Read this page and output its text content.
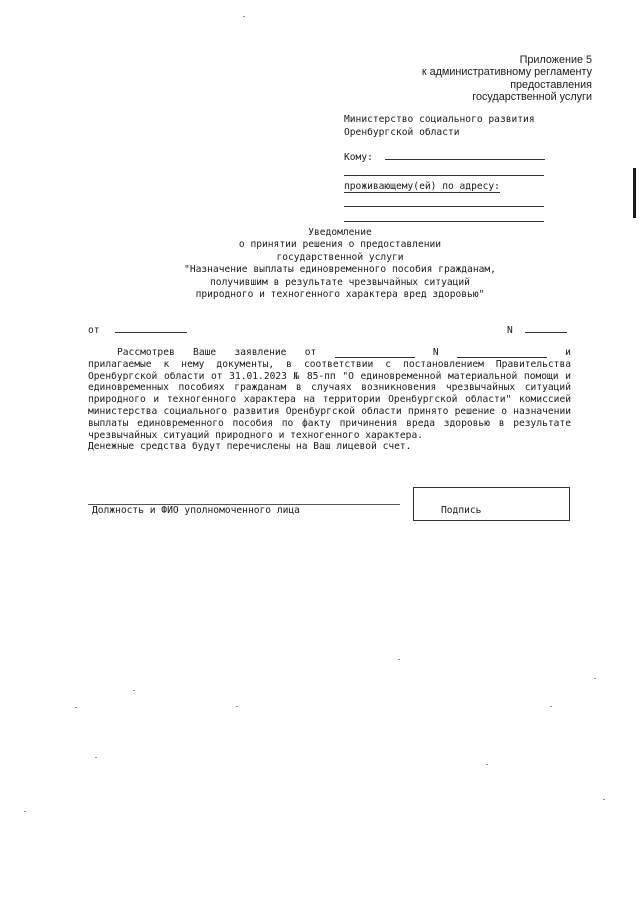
Приложение 5
к административному регламенту
предоставления
государственной услуги
Министерство социального развития
Оренбургской области
Кому:
проживающему(ей) по адресу:
Уведомление
о принятии решения о предоставлении
государственной услуги
"Назначение выплаты единовременного пособия гражданам,
получившим в результате чрезвычайных ситуаций
природного и техногенного характера вред здоровью"
от	N
Рассмотрев Ваше заявление от	N	и

прилагаемые к нему документы, в соответствии с постановлением Правительства Оренбургской области от 31.01.2023 № 85-пп "О единовременной материальной помощи и единовременных пособиях гражданам в случаях возникновения чрезвычайных ситуаций природного и техногенного характера на территории Оренбургской области" комиссией министерства социального развития Оренбургской области принято решение о назначении выплаты единовременного пособия по факту причинения вреда здоровью в результате чрезвычайных ситуаций природного и техногенного характера.

Денежные средства будут перечислены на Ваш лицевой счет.

Должность и ФИО уполномоченного лица	Подпись
